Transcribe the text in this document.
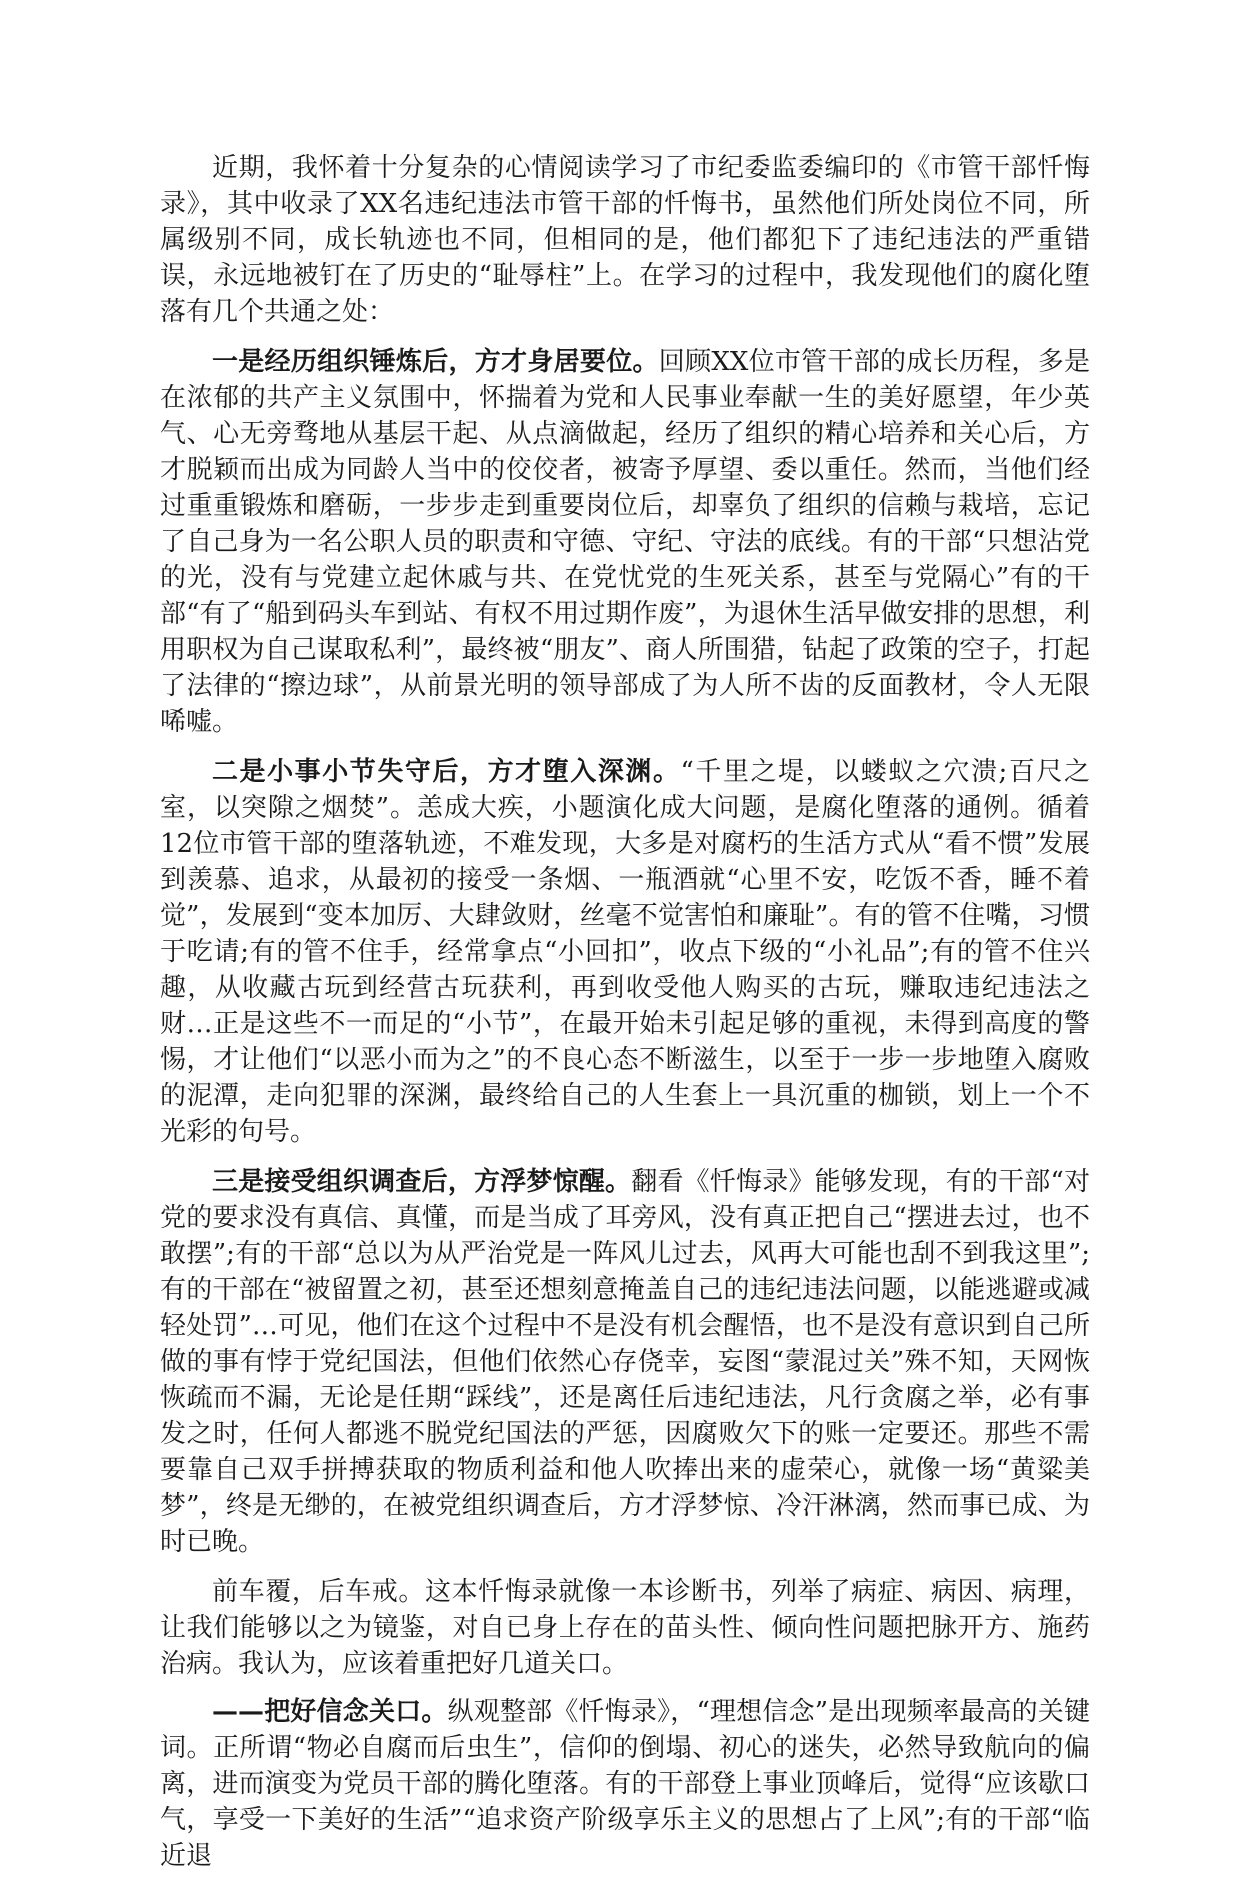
近期，我怀着十分复杂的心情阅读学习了市纪委监委编印的《市管干部忏悔录》，其中收录了XX名违纪违法市管干部的忏悔书，虽然他们所处岗位不同，所属级别不同，成长轨迹也不同，但相同的是，他们都犯下了违纪违法的严重错误，永远地被钉在了历史的“耻辱柱”上。在学习的过程中，我发现他们的腐化堕落有几个共通之处：

一是经历组织锤炼后，方才身居要位。回顾XX位市管干部的成长历程，多是在浓郁的共产主义氛围中，怀揣着为党和人民事业奉献一生的美好愿望，年少英气、心无旁骛地从基层干起、从点滴做起，经历了组织的精心培养和关心后，方才脱颖而出成为同龄人当中的佼佼者，被寄予厚望、委以重任。然而，当他们经过重重锻炼和磨砺，一步步走到重要岗位后，却辜负了组织的信赖与栽培，忘记了自己身为一名公职人员的职责和守德、守纪、守法的底线。有的干部“只想沾党的光，没有与党建立起休戚与共、在党忧党的生死关系，甚至与党隔心”有的干部“有了“船到码头车到站、有权不用过期作废”，为退休生活早做安排的思想，利用职权为自己谋取私利”，最终被“朋友”、商人所围猎，钻起了政策的空子，打起了法律的“擦边球”，从前景光明的领导部成了为人所不齿的反面教材，令人无限唏嘘。

二是小事小节失守后，方才堕入深渊。“千里之堤，以蝼蚁之穴溃;百尺之室，以突隙之烟焚”。恙成大疾，小题演化成大问题，是腐化堕落的通例。循着12位市管干部的堕落轨迹，不难发现，大多是对腐朽的生活方式从“看不惯”发展到羡慕、追求，从最初的接受一条烟、一瓶酒就“心里不安，吃饭不香，睡不着觉”，发展到“变本加厉、大肆敛财，丝毫不觉害怕和廉耻”。有的管不住嘴，习惯于吃请;有的管不住手，经常拿点“小回扣”，收点下级的“小礼品”;有的管不住兴趣，从收藏古玩到经营古玩获利，再到收受他人购买的古玩，赚取违纪违法之财…正是这些不一而足的“小节”，在最开始未引起足够的重视，未得到高度的警惕，才让他们“以恶小而为之”的不良心态不断滋生，以至于一步一步地堕入腐败的泥潭，走向犯罪的深渊，最终给自己的人生套上一具沉重的枷锁，划上一个不光彩的句号。

三是接受组织调查后，方浮梦惊醒。翻看《忏悔录》能够发现，有的干部“对党的要求没有真信、真懂，而是当成了耳旁风，没有真正把自己“摆进去过，也不敢摆”;有的干部“总以为从严治党是一阵风儿过去，风再大可能也刮不到我这里”;有的干部在“被留置之初，甚至还想刻意掩盖自己的违纪违法问题，以能逃避或减轻处罚”…可见，他们在这个过程中不是没有机会醒悟，也不是没有意识到自己所做的事有悖于党纪国法，但他们依然心存侥幸，妄图“蒙混过关”殊不知，天网恢恢疏而不漏，无论是任期“踩线”，还是离任后违纪违法，凡行贪腐之举，必有事发之时，任何人都逃不脱党纪国法的严惩，因腐败欠下的账一定要还。那些不需要靠自己双手拼搏获取的物质利益和他人吹捧出来的虚荣心，就像一场“黄粱美梦”，终是无缈的，在被党组织调查后，方才浮梦惊、冷汗淋漓，然而事已成、为时已晚。

前车覆，后车戒。这本忏悔录就像一本诊断书，列举了病症、病因、病理，让我们能够以之为镜鉴，对自已身上存在的苗头性、倾向性问题把脉开方、施药治病。我认为，应该着重把好几道关口。

——把好信念关口。纵观整部《忏悔录》，“理想信念”是出现频率最高的关键词。正所谓“物必自腐而后虫生”，信仰的倒塌、初心的迷失，必然导致航向的偏离，进而演变为党员干部的腾化堕落。有的干部登上事业顶峰后，觉得“应该歇口气，享受一下美好的生活”“追求资产阶级享乐主义的思想占了上风”;有的干部“临近退
